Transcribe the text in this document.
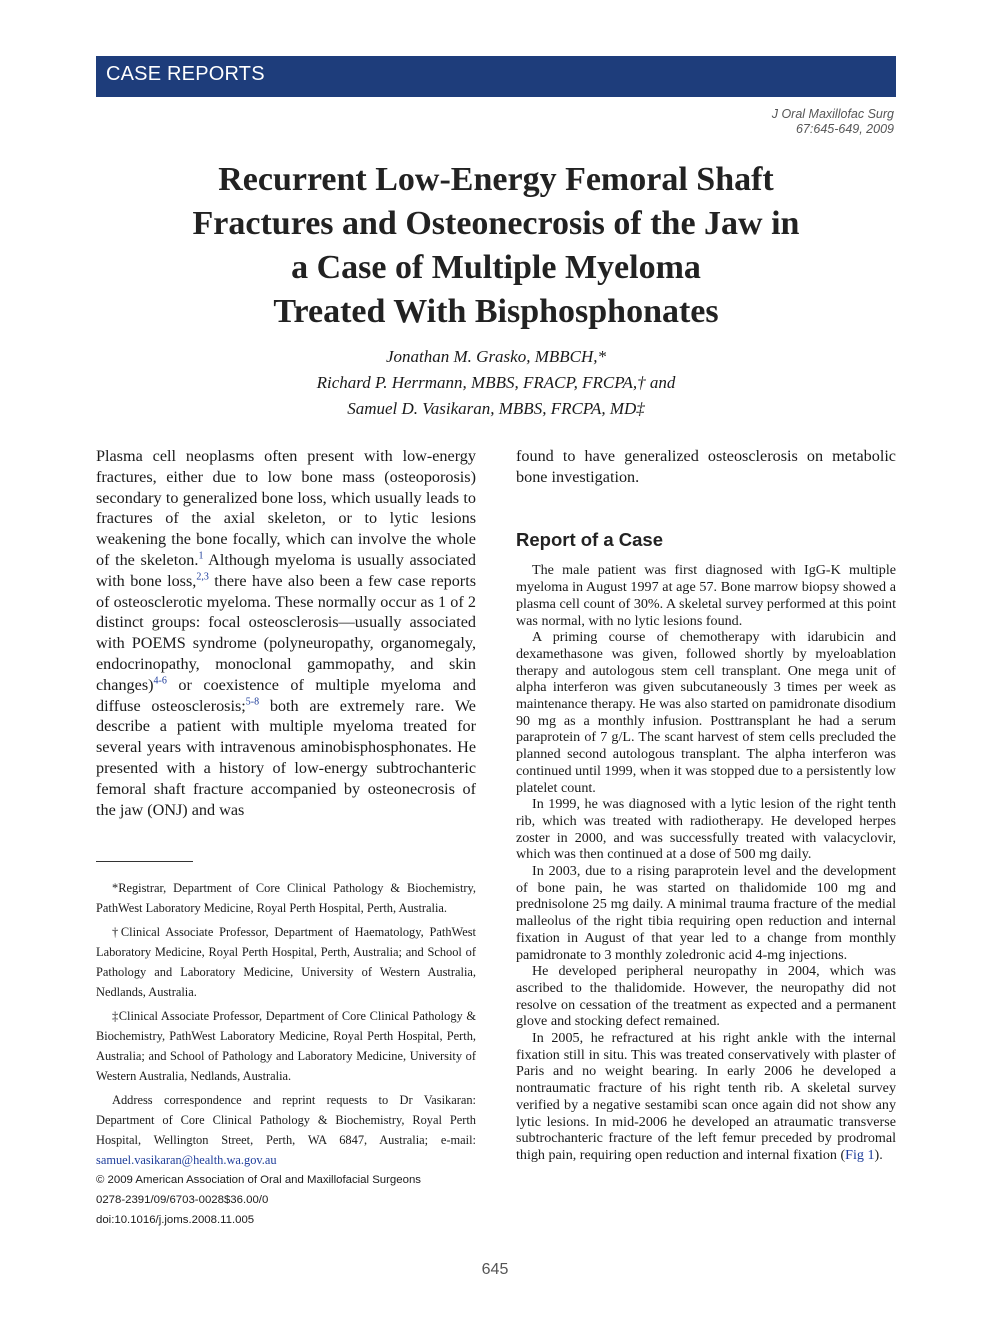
CASE REPORTS
J Oral Maxillofac Surg
67:645-649, 2009
Recurrent Low-Energy Femoral Shaft
Fractures and Osteonecrosis of the Jaw in
a Case of Multiple Myeloma
Treated With Bisphosphonates
Jonathan M. Grasko, MBBCH,*
Richard P. Herrmann, MBBS, FRACP, FRCPA,† and
Samuel D. Vasikaran, MBBS, FRCPA, MD‡

Plasma cell neoplasms often present with low-energy fractures, either due to low bone mass (osteoporosis) secondary to generalized bone loss, which usually leads to fractures of the axial skeleton, or to lytic lesions weakening the bone focally, which can involve the whole of the skeleton.$^1$ Although myeloma is usually associated with bone loss,$^{2,3}$ there have also been a few case reports of osteosclerotic myeloma. These normally occur as 1 of 2 distinct groups: focal osteosclerosis—usually associated with POEMS syndrome (polyneuropathy, organomegaly, endocrinopathy, monoclonal gammopathy, and skin changes)$^{4-6}$ or coexistence of multiple myeloma and diffuse osteosclerosis;$^{5-8}$ both are extremely rare. We describe a patient with multiple myeloma treated for several years with intravenous aminobisphosphonates. He presented with a history of low-energy subtrochanteric femoral shaft fracture accompanied by osteonecrosis of the jaw (ONJ) and was

*Registrar, Department of Core Clinical Pathology & Biochemistry, PathWest Laboratory Medicine, Royal Perth Hospital, Perth, Australia.

†Clinical Associate Professor, Department of Haematology, PathWest Laboratory Medicine, Royal Perth Hospital, Perth, Australia; and School of Pathology and Laboratory Medicine, University of Western Australia, Nedlands, Australia.

‡Clinical Associate Professor, Department of Core Clinical Pathology & Biochemistry, PathWest Laboratory Medicine, Royal Perth Hospital, Perth, Australia; and School of Pathology and Laboratory Medicine, University of Western Australia, Nedlands, Australia.

Address correspondence and reprint requests to Dr Vasikaran: Department of Core Clinical Pathology & Biochemistry, Royal Perth Hospital, Wellington Street, Perth, WA 6847, Australia; e-mail: samuel.vasikaran@health.wa.gov.au

© 2009 American Association of Oral and Maxillofacial Surgeons

0278-2391/09/6703-0028$36.00/0

doi:10.1016/j.joms.2008.11.005

found to have generalized osteosclerosis on metabolic bone investigation.

Report of a Case

The male patient was first diagnosed with IgG-K multiple myeloma in August 1997 at age 57. Bone marrow biopsy showed a plasma cell count of 30%. A skeletal survey performed at this point was normal, with no lytic lesions found.

A priming course of chemotherapy with idarubicin and dexamethasone was given, followed shortly by myeloablation therapy and autologous stem cell transplant. One mega unit of alpha interferon was given subcutaneously 3 times per week as maintenance therapy. He was also started on pamidronate disodium 90 mg as a monthly infusion. Posttransplant he had a serum paraprotein of 7 g/L. The scant harvest of stem cells precluded the planned second autologous transplant. The alpha interferon was continued until 1999, when it was stopped due to a persistently low platelet count.

In 1999, he was diagnosed with a lytic lesion of the right tenth rib, which was treated with radiotherapy. He developed herpes zoster in 2000, and was successfully treated with valacyclovir, which was then continued at a dose of 500 mg daily.

In 2003, due to a rising paraprotein level and the development of bone pain, he was started on thalidomide 100 mg and prednisolone 25 mg daily. A minimal trauma fracture of the medial malleolus of the right tibia requiring open reduction and internal fixation in August of that year led to a change from monthly pamidronate to 3 monthly zoledronic acid 4-mg injections.

He developed peripheral neuropathy in 2004, which was ascribed to the thalidomide. However, the neuropathy did not resolve on cessation of the treatment as expected and a permanent glove and stocking defect remained.

In 2005, he refractured at his right ankle with the internal fixation still in situ. This was treated conservatively with plaster of Paris and no weight bearing. In early 2006 he developed a nontraumatic fracture of his right tenth rib. A skeletal survey verified by a negative sestamibi scan once again did not show any lytic lesions. In mid-2006 he developed an atraumatic transverse subtrochanteric fracture of the left femur preceded by prodromal thigh pain, requiring open reduction and internal fixation (Fig 1).

645
